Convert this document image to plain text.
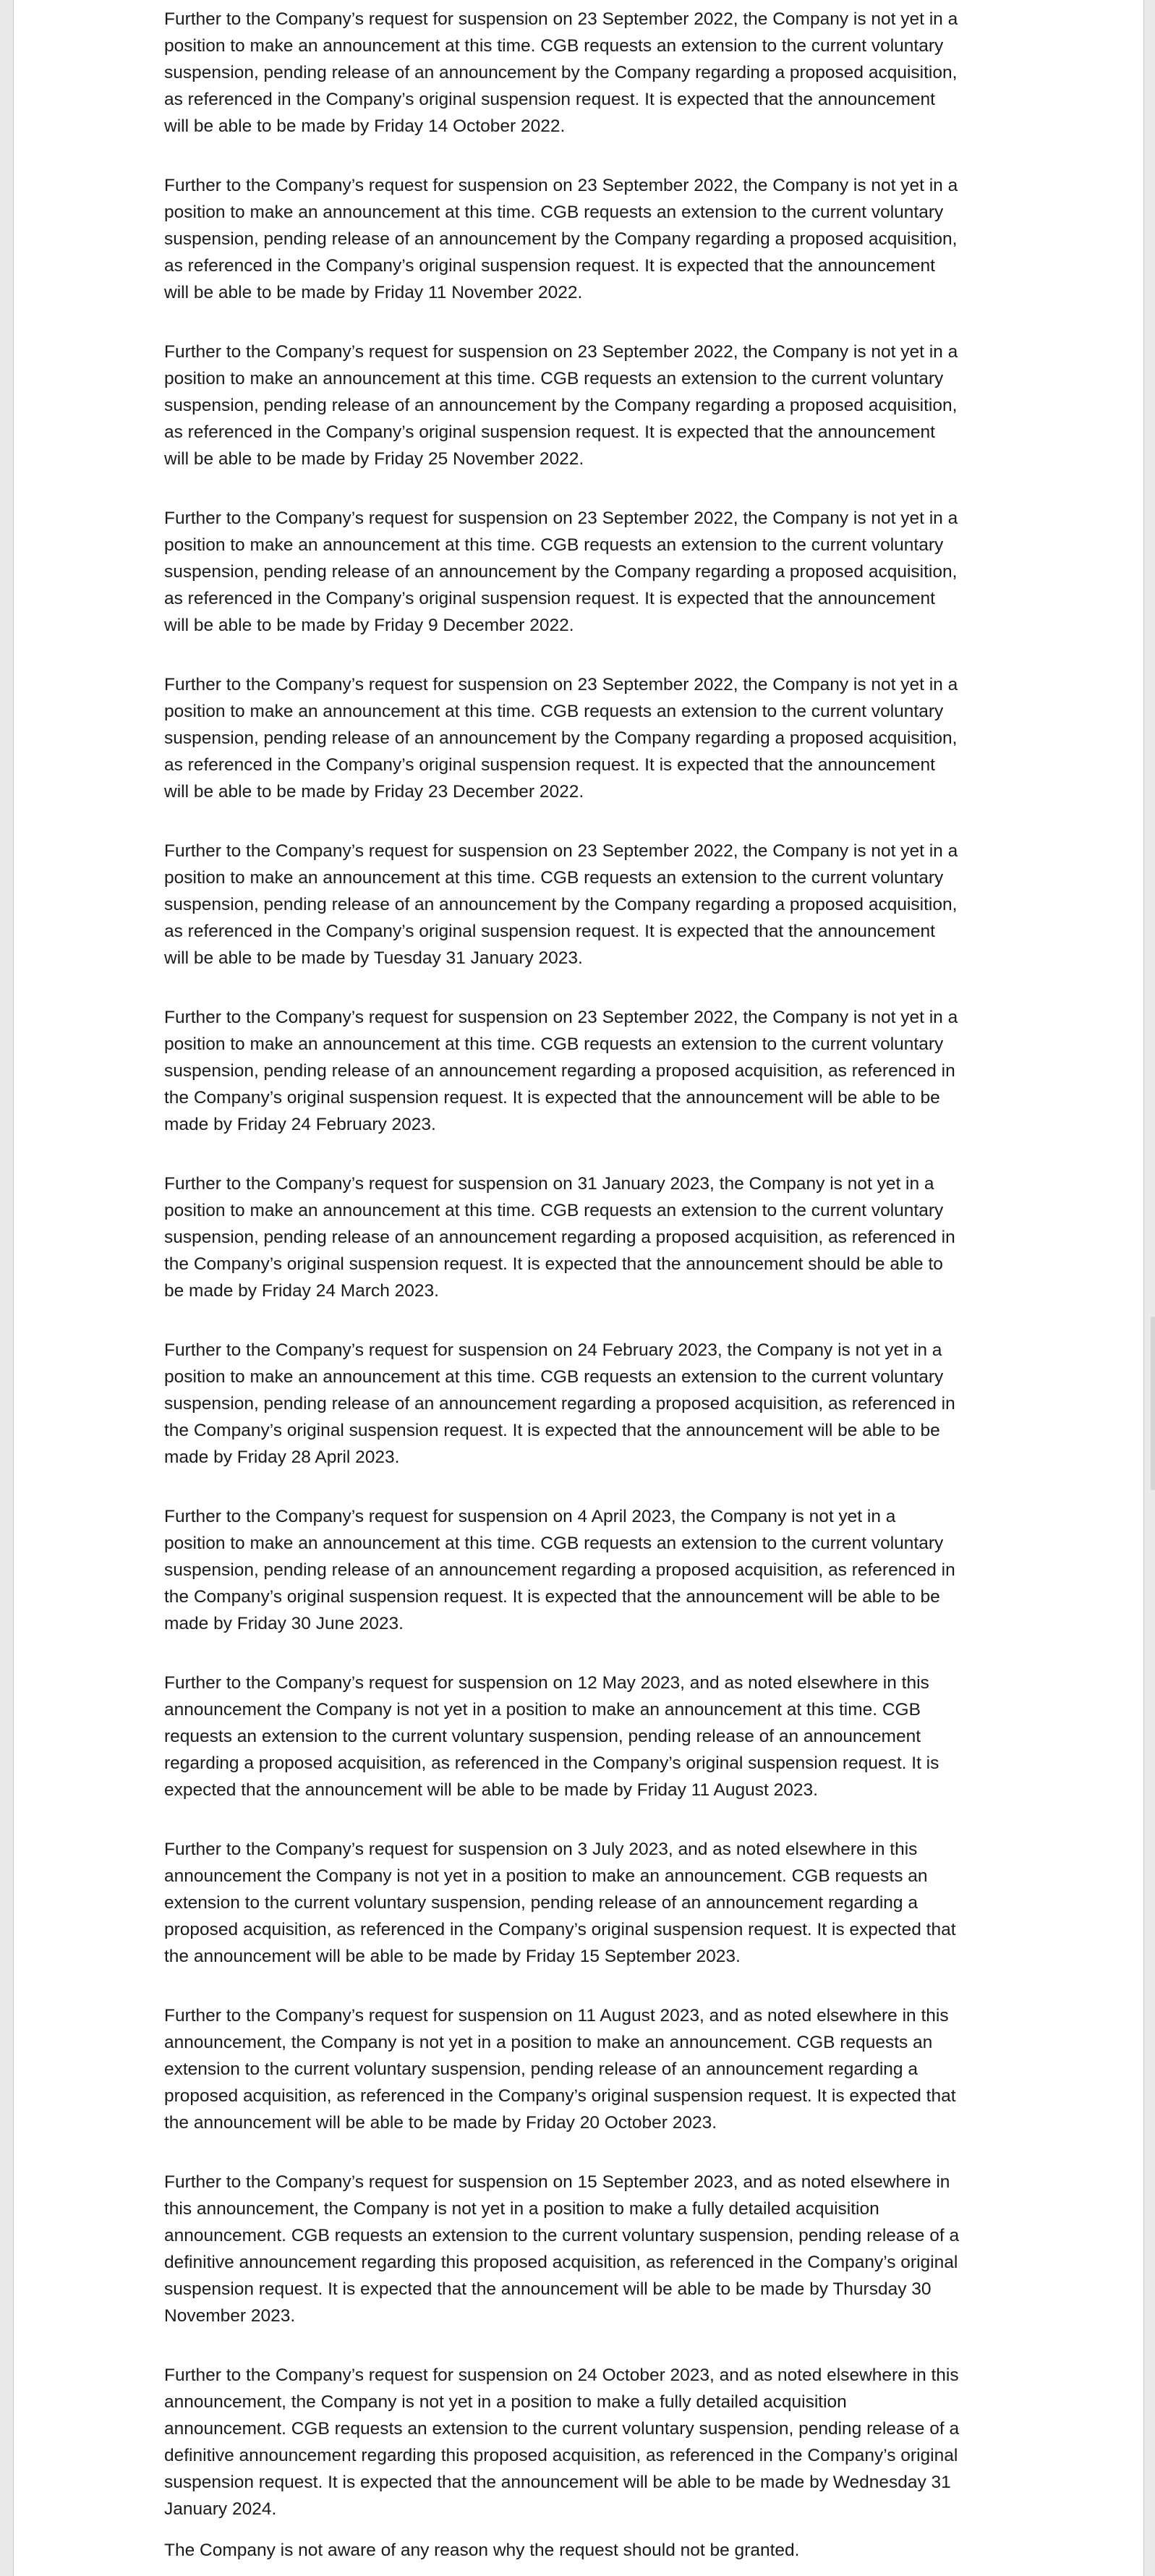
Further to the Company’s request for suspension on 23 September 2022, the Company is not yet in a
position to make an announcement at this time. CGB requests an extension to the current voluntary
suspension, pending release of an announcement by the Company regarding a proposed acquisition,
as referenced in the Company’s original suspension request. It is expected that the announcement
will be able to be made by Friday 14 October 2022.

Further to the Company’s request for suspension on 23 September 2022, the Company is not yet in a
position to make an announcement at this time. CGB requests an extension to the current voluntary
suspension, pending release of an announcement by the Company regarding a proposed acquisition,
as referenced in the Company’s original suspension request. It is expected that the announcement
will be able to be made by Friday 11 November 2022.

Further to the Company’s request for suspension on 23 September 2022, the Company is not yet in a
position to make an announcement at this time. CGB requests an extension to the current voluntary
suspension, pending release of an announcement by the Company regarding a proposed acquisition,
as referenced in the Company’s original suspension request. It is expected that the announcement
will be able to be made by Friday 25 November 2022.

Further to the Company’s request for suspension on 23 September 2022, the Company is not yet in a
position to make an announcement at this time. CGB requests an extension to the current voluntary
suspension, pending release of an announcement by the Company regarding a proposed acquisition,
as referenced in the Company’s original suspension request. It is expected that the announcement
will be able to be made by Friday 9 December 2022.

Further to the Company’s request for suspension on 23 September 2022, the Company is not yet in a
position to make an announcement at this time. CGB requests an extension to the current voluntary
suspension, pending release of an announcement by the Company regarding a proposed acquisition,
as referenced in the Company’s original suspension request. It is expected that the announcement
will be able to be made by Friday 23 December 2022.

Further to the Company’s request for suspension on 23 September 2022, the Company is not yet in a
position to make an announcement at this time. CGB requests an extension to the current voluntary
suspension, pending release of an announcement by the Company regarding a proposed acquisition,
as referenced in the Company’s original suspension request. It is expected that the announcement
will be able to be made by Tuesday 31 January 2023.

Further to the Company’s request for suspension on 23 September 2022, the Company is not yet in a
position to make an announcement at this time. CGB requests an extension to the current voluntary
suspension, pending release of an announcement regarding a proposed acquisition, as referenced in
the Company’s original suspension request. It is expected that the announcement will be able to be
made by Friday 24 February 2023.

Further to the Company’s request for suspension on 31 January 2023, the Company is not yet in a
position to make an announcement at this time. CGB requests an extension to the current voluntary
suspension, pending release of an announcement regarding a proposed acquisition, as referenced in
the Company’s original suspension request. It is expected that the announcement should be able to
be made by Friday 24 March 2023.

Further to the Company’s request for suspension on 24 February 2023, the Company is not yet in a
position to make an announcement at this time. CGB requests an extension to the current voluntary
suspension, pending release of an announcement regarding a proposed acquisition, as referenced in
the Company’s original suspension request. It is expected that the announcement will be able to be
made by Friday 28 April 2023.

Further to the Company’s request for suspension on 4 April 2023, the Company is not yet in a
position to make an announcement at this time. CGB requests an extension to the current voluntary
suspension, pending release of an announcement regarding a proposed acquisition, as referenced in
the Company’s original suspension request. It is expected that the announcement will be able to be
made by Friday 30 June 2023.

Further to the Company’s request for suspension on 12 May 2023, and as noted elsewhere in this
announcement the Company is not yet in a position to make an announcement at this time. CGB
requests an extension to the current voluntary suspension, pending release of an announcement
regarding a proposed acquisition, as referenced in the Company’s original suspension request. It is
expected that the announcement will be able to be made by Friday 11 August 2023.

Further to the Company’s request for suspension on 3 July 2023, and as noted elsewhere in this
announcement the Company is not yet in a position to make an announcement. CGB requests an
extension to the current voluntary suspension, pending release of an announcement regarding a
proposed acquisition, as referenced in the Company’s original suspension request. It is expected that
the announcement will be able to be made by Friday 15 September 2023.

Further to the Company’s request for suspension on 11 August 2023, and as noted elsewhere in this
announcement, the Company is not yet in a position to make an announcement. CGB requests an
extension to the current voluntary suspension, pending release of an announcement regarding a
proposed acquisition, as referenced in the Company’s original suspension request. It is expected that
the announcement will be able to be made by Friday 20 October 2023.

Further to the Company’s request for suspension on 15 September 2023, and as noted elsewhere in
this announcement, the Company is not yet in a position to make a fully detailed acquisition
announcement. CGB requests an extension to the current voluntary suspension, pending release of a
definitive announcement regarding this proposed acquisition, as referenced in the Company’s original
suspension request. It is expected that the announcement will be able to be made by Thursday 30
November 2023.

Further to the Company’s request for suspension on 24 October 2023, and as noted elsewhere in this
announcement, the Company is not yet in a position to make a fully detailed acquisition
announcement. CGB requests an extension to the current voluntary suspension, pending release of a
definitive announcement regarding this proposed acquisition, as referenced in the Company’s original
suspension request. It is expected that the announcement will be able to be made by Wednesday 31
January 2024.

The Company is not aware of any reason why the request should not be granted.
